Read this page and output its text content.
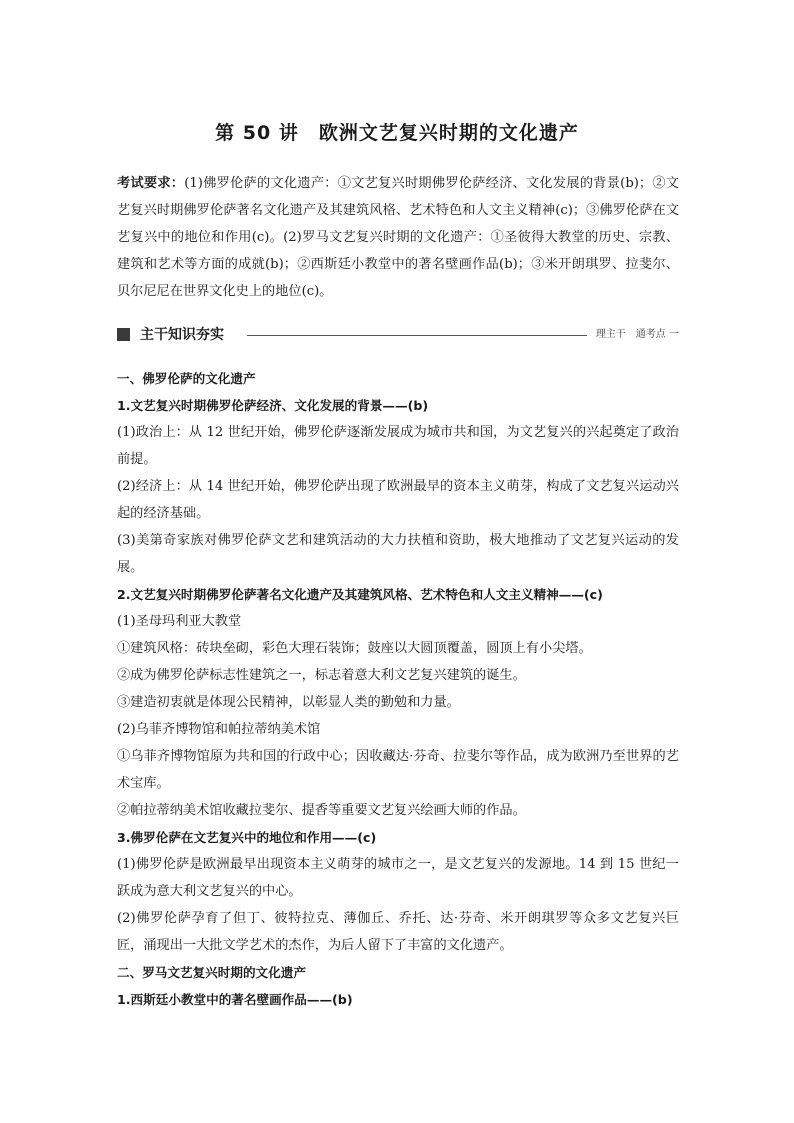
第 50 讲　欧洲文艺复兴时期的文化遗产

考试要求：(1)佛罗伦萨的文化遗产：①文艺复兴时期佛罗伦萨经济、文化发展的背景(b)；②文艺复兴时期佛罗伦萨著名文化遗产及其建筑风格、艺术特色和人文主义精神(c)；③佛罗伦萨在文艺复兴中的地位和作用(c)。(2)罗马文艺复兴时期的文化遗产：①圣彼得大教堂的历史、宗教、建筑和艺术等方面的成就(b)；②西斯廷小教堂中的著名壁画作品(b)；③米开朗琪罗、拉斐尔、贝尔尼尼在世界文化史上的地位(c)。

主干知识夯实	理主干　通考点 一

一、佛罗伦萨的文化遗产

1.文艺复兴时期佛罗伦萨经济、文化发展的背景——(b)

(1)政治上：从 12 世纪开始，佛罗伦萨逐渐发展成为城市共和国，为文艺复兴的兴起奠定了政治前提。

(2)经济上：从 14 世纪开始，佛罗伦萨出现了欧洲最早的资本主义萌芽，构成了文艺复兴运动兴起的经济基础。

(3)美第奇家族对佛罗伦萨文艺和建筑活动的大力扶植和资助，极大地推动了文艺复兴运动的发展。

2.文艺复兴时期佛罗伦萨著名文化遗产及其建筑风格、艺术特色和人文主义精神——(c)

(1)圣母玛利亚大教堂

①建筑风格：砖块垒砌，彩色大理石装饰；鼓座以大圆顶覆盖，圆顶上有小尖塔。

②成为佛罗伦萨标志性建筑之一，标志着意大利文艺复兴建筑的诞生。

③建造初衷就是体现公民精神，以彰显人类的勤勉和力量。

(2)乌菲齐博物馆和帕拉蒂纳美术馆

①乌菲齐博物馆原为共和国的行政中心；因收藏达·芬奇、拉斐尔等作品，成为欧洲乃至世界的艺术宝库。

②帕拉蒂纳美术馆收藏拉斐尔、提香等重要文艺复兴绘画大师的作品。

3.佛罗伦萨在文艺复兴中的地位和作用——(c)

(1)佛罗伦萨是欧洲最早出现资本主义萌芽的城市之一，是文艺复兴的发源地。14 到 15 世纪一跃成为意大利文艺复兴的中心。

(2)佛罗伦萨孕育了但丁、彼特拉克、薄伽丘、乔托、达·芬奇、米开朗琪罗等众多文艺复兴巨匠，涌现出一大批文学艺术的杰作，为后人留下了丰富的文化遗产。

二、罗马文艺复兴时期的文化遗产

1.西斯廷小教堂中的著名壁画作品——(b)
